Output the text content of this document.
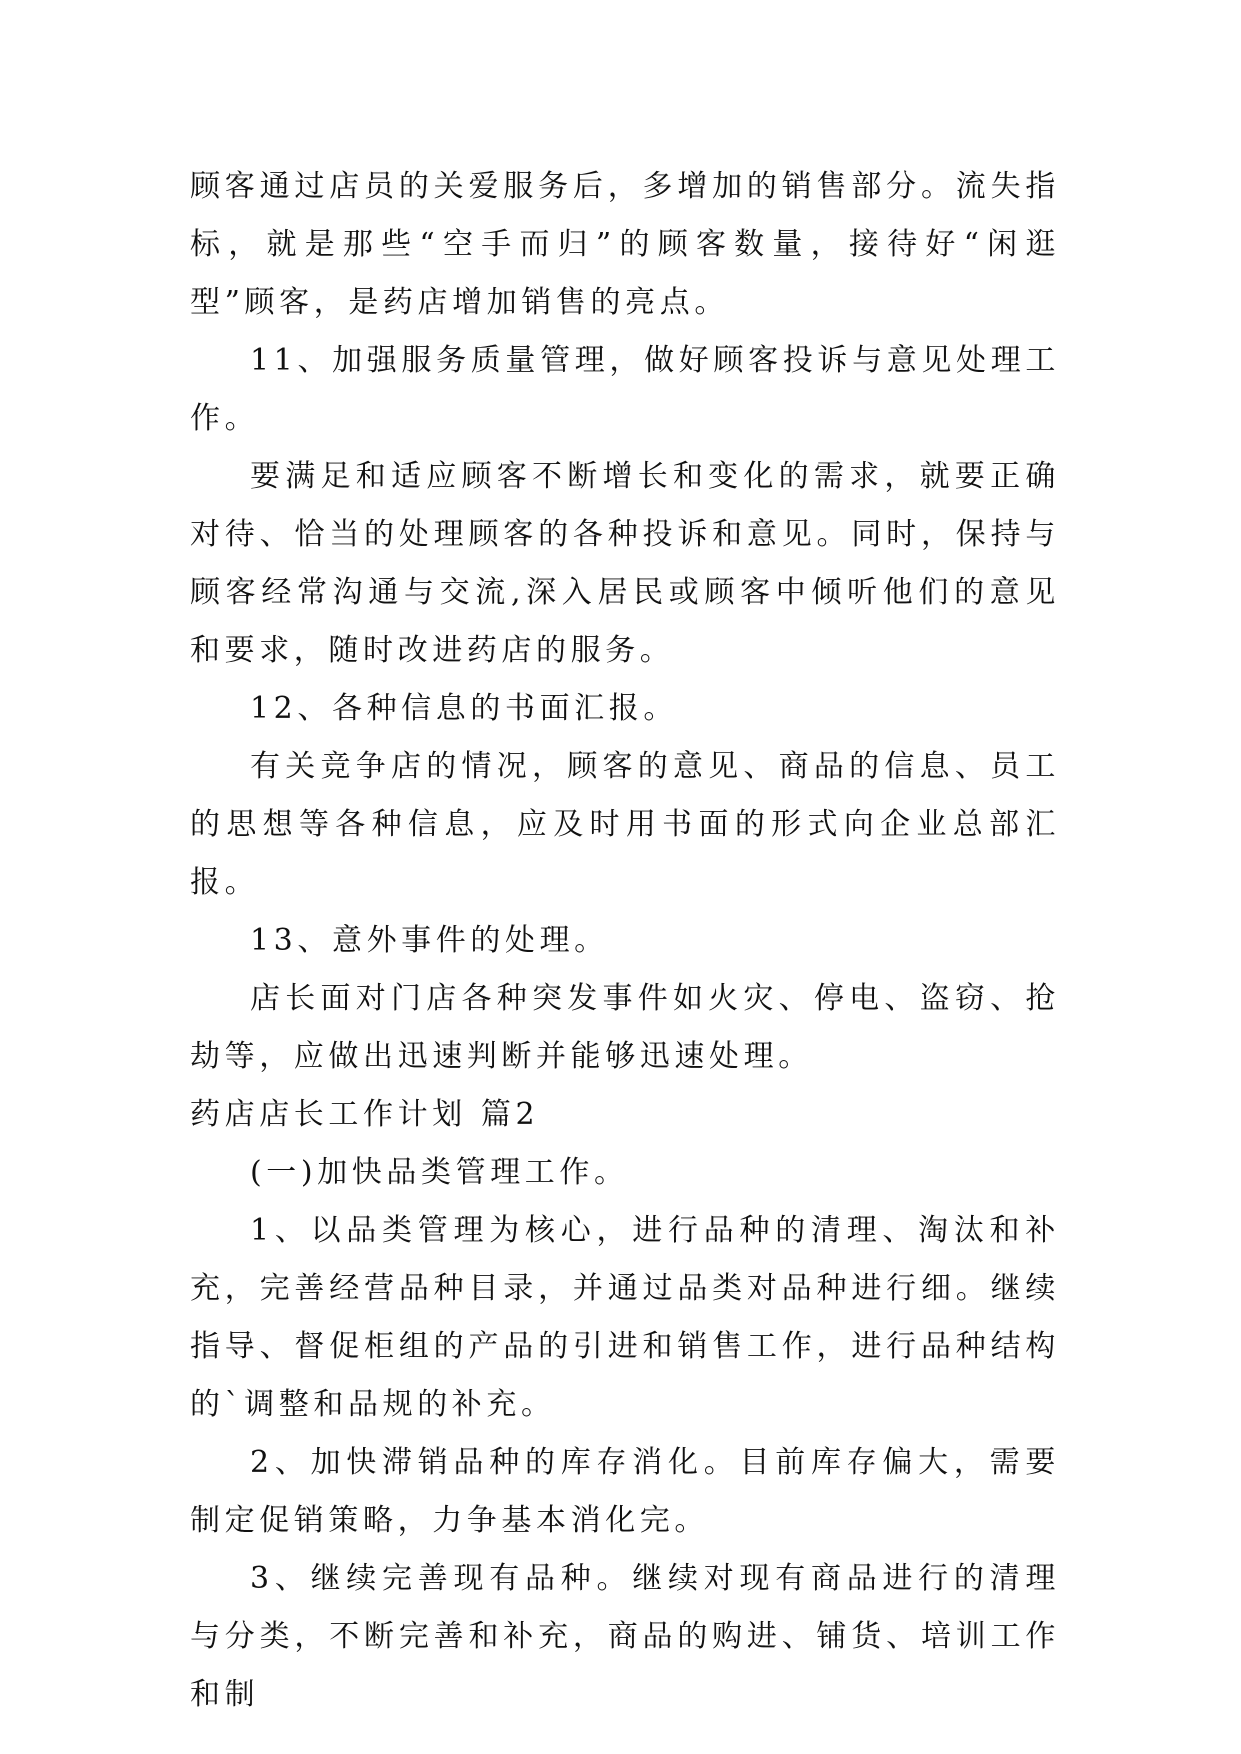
顾客通过店员的关爱服务后，多增加的销售部分。流失指标，就是那些“空手而归”的顾客数量，接待好“闲逛型”顾客，是药店增加销售的亮点。

11、加强服务质量管理，做好顾客投诉与意见处理工作。

要满足和适应顾客不断增长和变化的需求，就要正确对待、恰当的处理顾客的各种投诉和意见。同时，保持与顾客经常沟通与交流,深入居民或顾客中倾听他们的意见和要求，随时改进药店的服务。

12、各种信息的书面汇报。

有关竞争店的情况，顾客的意见、商品的信息、员工的思想等各种信息，应及时用书面的形式向企业总部汇报。

13、意外事件的处理。

店长面对门店各种突发事件如火灾、停电、盗窃、抢劫等，应做出迅速判断并能够迅速处理。

药店店长工作计划 篇2

(一)加快品类管理工作。

1、以品类管理为核心，进行品种的清理、淘汰和补充，完善经营品种目录，并通过品类对品种进行细。继续指导、督促柜组的产品的引进和销售工作，进行品种结构的`调整和品规的补充。

2、加快滞销品种的库存消化。目前库存偏大，需要制定促销策略，力争基本消化完。

3、继续完善现有品种。继续对现有商品进行的清理与分类，不断完善和补充，商品的购进、铺货、培训工作和制
